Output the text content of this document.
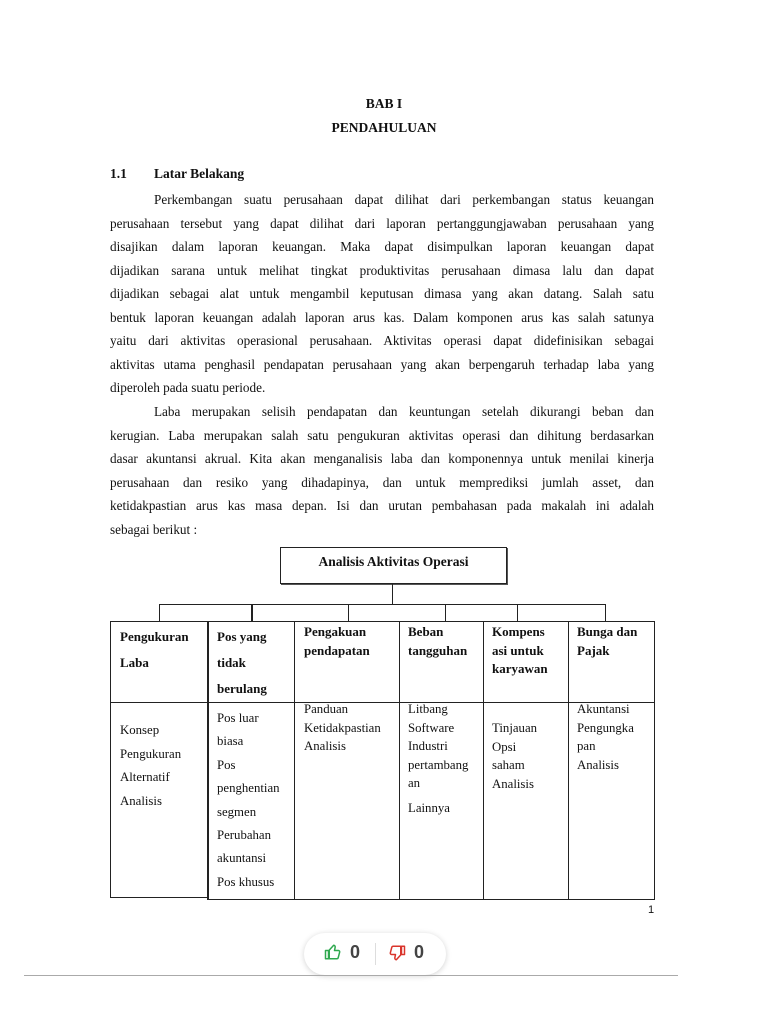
BAB I
PENDAHULUAN
1.1 Latar Belakang
Perkembangan suatu perusahaan dapat dilihat dari perkembangan status keuangan
perusahaan tersebut yang dapat dilihat dari laporan pertanggungjawaban perusahaan yang
disajikan dalam laporan keuangan. Maka dapat disimpulkan laporan keuangan dapat
dijadikan sarana untuk melihat tingkat produktivitas perusahaan dimasa lalu dan dapat
dijadikan sebagai alat untuk mengambil keputusan dimasa yang akan datang. Salah satu
bentuk laporan keuangan adalah laporan arus kas. Dalam komponen arus kas salah satunya
yaitu dari aktivitas operasional perusahaan. Aktivitas operasi dapat didefinisikan sebagai
aktivitas utama penghasil pendapatan perusahaan yang akan berpengaruh terhadap laba yang
diperoleh pada suatu periode.
Laba merupakan selisih pendapatan dan keuntungan setelah dikurangi beban dan
kerugian. Laba merupakan salah satu pengukuran aktivitas operasi dan dihitung berdasarkan
dasar akuntansi akrual. Kita akan menganalisis laba dan komponennya untuk menilai kinerja
perusahaan dan resiko yang dihadapinya, dan untuk memprediksi jumlah asset, dan
ketidakpastian arus kas masa depan. Isi dan urutan pembahasan pada makalah ini adalah
sebagai berikut :
Analisis Aktivitas Operasi
Pengukuran
Laba
Konsep
Pengukuran
Alternatif
Analisis
Pos yang
tidak
berulang
Pos luar
biasa
Pos
penghentian
segmen
Perubahan
akuntansi
Pos khusus
Pengakuan
pendapatan
Panduan
Ketidakpastian
Analisis
Beban
tangguhan
Litbang
Software
Industri
pertambang
an
Lainnya
Kompens
asi untuk
karyawan
Tinjauan
Opsi
saham
Analisis
Bunga dan
Pajak
Akuntansi
Pengungka
pan
Analisis
1
0	0
